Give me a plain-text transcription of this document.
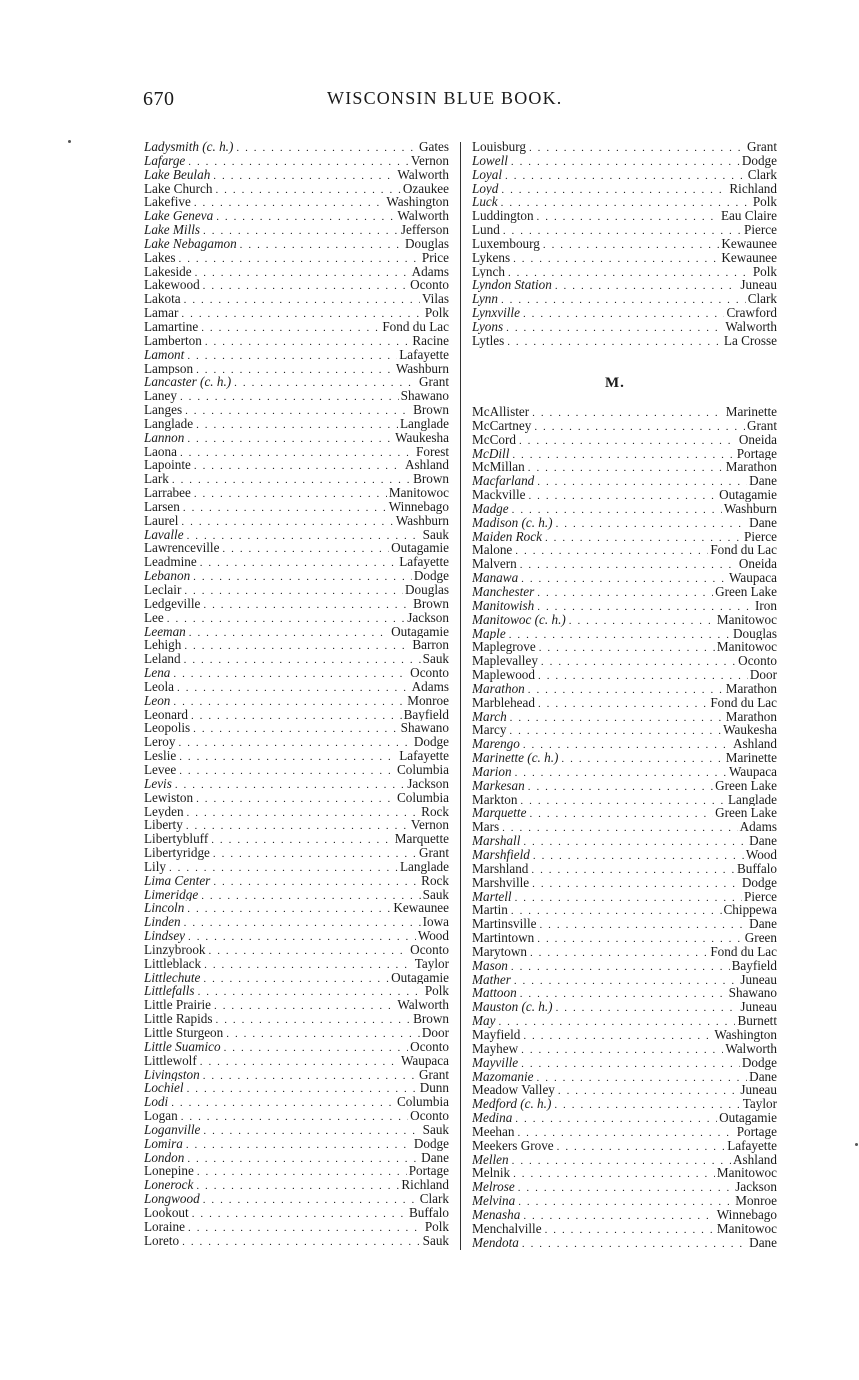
670	WISCONSIN BLUE BOOK.
Ladysmith (c. h.) . . .	Gates
Lafarge . . .	Vernon
Lake Beulah . . .	Walworth
Lake Church . . .	Ozaukee
Lakefive . . .	Washington
Lake Geneva . . .	Walworth
Lake Mills . . .	Jefferson
Lake Nebagamon . . .	Douglas
Lakes . . .	Price
Lakeside . . .	Adams
Lakewood . . .	Oconto
Lakota . . .	Vilas
Lamar . . .	Polk
Lamartine . . .	Fond du Lac
Lamberton . . .	Racine
Lamont . . .	Lafayette
Lampson . . .	Washburn
Lancaster (c. h.) . . .	Grant
Laney . . .	Shawano
Langes . . .	Brown
Langlade . . .	Langlade
Lannon . . .	Waukesha
Laona . . .	Forest
Lapointe . . .	Ashland
Lark . . .	Brown
Larrabee . . .	Manitowoc
Larsen . . .	Winnebago
Laurel . . .	Washburn
Lavalle . . .	Sauk
Lawrenceville . . .	Outagamie
Leadmine . . .	Lafayette
Lebanon . . .	Dodge
Leclair . . .	Douglas
Ledgeville . . .	Brown
Lee . . .	Jackson
Leeman . . .	Outagamie
Lehigh . . .	Barron
Leland . . .	Sauk
Lena . . .	Oconto
Leola . . .	Adams
Leon . . .	Monroe
Leonard . . .	Bayfield
Leopolis . . .	Shawano
Leroy . . .	Dodge
Leslie . . .	Lafayette
Levee . . .	Columbia
Levis . . .	Jackson
Lewiston . . .	Columbia
Leyden . . .	Rock
Liberty . . .	Vernon
Libertybluff . . .	Marquette
Libertyridge . . .	Grant
Lily . . .	Langlade
Lima Center . . .	Rock
Limeridge . . .	Sauk
Lincoln . . .	Kewaunee
Linden . . .	Iowa
Lindsey . . .	Wood
Linzybrook . . .	Oconto
Littleblack . . .	Taylor
Littlechute . . .	Outagamie
Littlefalls . . .	Polk
Little Prairie . . .	Walworth
Little Rapids . . .	Brown
Little Sturgeon . . .	Door
Little Suamico . . .	Oconto
Littlewolf . . .	Waupaca
Livingston . . .	Grant
Lochiel . . .	Dunn
Lodi . . .	Columbia
Logan . . .	Oconto
Loganville . . .	Sauk
Lomira . . .	Dodge
London . . .	Dane
Lonepine . . .	Portage
Lonerock . . .	Richland
Longwood . . .	Clark
Lookout . . .	Buffalo
Loraine . . .	Polk
Loreto . . .	Sauk
Louisburg . . .	Grant
Lowell . . .	Dodge
Loyal . . .	Clark
Loyd . . .	Richland
Luck . . .	Polk
Luddington . . .	Eau Claire
Lund . . .	Pierce
Luxembourg . . .	Kewaunee
Lykens . . .	Kewaunee
Lynch . . .	Polk
Lyndon Station . . .	Juneau
Lynn . . .	Clark
Lynxville . . .	Crawford
Lyons . . .	Walworth
Lytles . . .	La Crosse
M.
McAllister . . .	Marinette
McCartney . . .	Grant
McCord . . .	Oneida
McDill . . .	Portage
McMillan . . .	Marathon
Macfarland . . .	Dane
Mackville . . .	Outagamie
Madge . . .	Washburn
Madison (c. h.) . . .	Dane
Maiden Rock . . .	Pierce
Malone . . .	Fond du Lac
Malvern . . .	Oneida
Manawa . . .	Waupaca
Manchester . . .	Green Lake
Manitowish . . .	Iron
Manitowoc (c. h.) . . .	Manitowoc
Maple . . .	Douglas
Maplegrove . . .	Manitowoc
Maplevalley . . .	Oconto
Maplewood . . .	Door
Marathon . . .	Marathon
Marblehead . . .	Fond du Lac
March . . .	Marathon
Marcy . . .	Waukesha
Marengo . . .	Ashland
Marinette (c. h.) . . .	Marinette
Marion . . .	Waupaca
Markesan . . .	Green Lake
Markton . . .	Langlade
Marquette . . .	Green Lake
Mars . . .	Adams
Marshall . . .	Dane
Marshfield . . .	Wood
Marshland . . .	Buffalo
Marshville . . .	Dodge
Martell . . .	Pierce
Martin . . .	Chippewa
Martinsville . . .	Dane
Martintown . . .	Green
Marytown . . .	Fond du Lac
Mason . . .	Bayfield
Mather . . .	Juneau
Mattoon . . .	Shawano
Mauston (c. h.) . . .	Juneau
May . . .	Burnett
Mayfield . . .	Washington
Mayhew . . .	Walworth
Mayville . . .	Dodge
Mazomanie . . .	Dane
Meadow Valley . . .	Juneau
Medford (c. h.) . . .	Taylor
Medina . . .	Outagamie
Meehan . . .	Portage
Meekers Grove . . .	Lafayette
Mellen . . .	Ashland
Melnik . . .	Manitowoc
Melrose . . .	Jackson
Melvina . . .	Monroe
Menasha . . .	Winnebago
Menchalville . . .	Manitowoc
Mendota . . .	Dane
